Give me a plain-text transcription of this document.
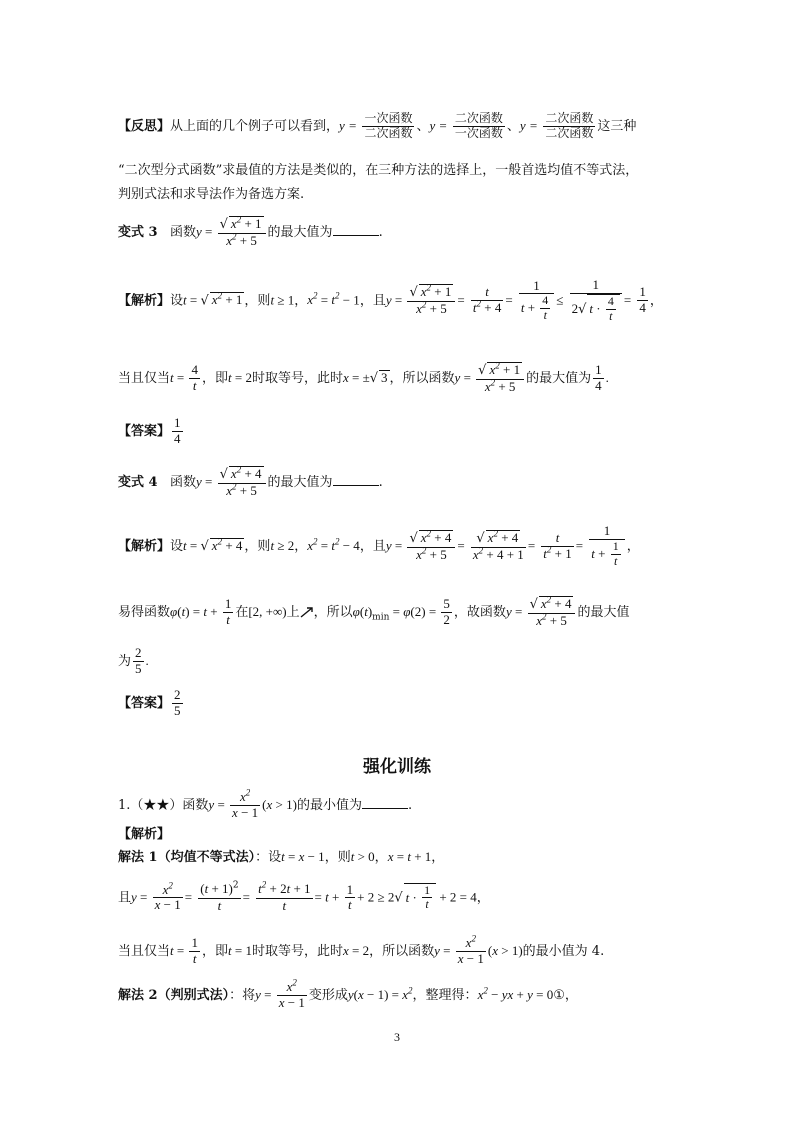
【反思】从上面的几个例子可以看到，$y = \frac{\text{一次函数}}{\text{二次函数}}$ 、$y = \frac{\text{二次函数}}{\text{一次函数}}$ 、$y = \frac{\text{二次函数}}{\text{二次函数}}$ 这三种
“二次型分式函数”求最值的方法是类似的，在三种方法的选择上，一般首选均值不等式法，
判别式法和求导法作为备选方案.
变式 3 函数$y = \frac{√ x^2 + 1}{x^2 + 5}$ 的最大值为	.
【解析】设t = √ $x^2 + 1$ ，则t ≥ 1，$x^2 = t^2 - 1$，且$y = \frac{√ x^2 + 1}{x^2 + 5} = \frac{t}{t^2 + 4} = \frac{1}{t + \frac{4}{t}} \le \frac{1}{2√ t \cdot \frac{4}{t}} = \frac{1}{4}$ ，
当且仅当$t = \frac{4}{t}$ ，即t = 2时取等号，此时x = ±√ 3 ，所以函数$y = \frac{√ x^2 + 1}{x^2 + 5}$ 的最大值为 $\frac{1}{4}$ .
【答案】 $\frac{1}{4}$
变式 4 函数$y = \frac{√ x^2 + 4}{x^2 + 5}$ 的最大值为	.
【解析】设t = √ $x^2 + 4$ ，则t ≥ 2，$x^2 = t^2 - 4$，且$y = \frac{√ x^2 + 4}{x^2 + 5} = \frac{√ x^2 + 4}{x^2 + 4 + 1} = \frac{t}{t^2 + 1} = \frac{1}{t + \frac{1}{t}}$ ，
易得函数$\varphi(t) = t + \frac{1}{t}$ 在[2, +∞)上 ，所以$\varphi(t)_{min} = \varphi(2) = \frac{5}{2}$ ，故函数$y = \frac{√ x^2 + 4}{x^2 + 5}$ 的最大值
为 $\frac{2}{5}$ .
【答案】 $\frac{2}{5}$
强化训练
1.（★★）函数$y = \frac{x^2}{x - 1} (x > 1)$的最小值为	.
【解析】
解法 1（均值不等式法）：设t = x − 1，则t > 0，x = t + 1，
且$y = \frac{x^2}{x - 1} = \frac{(t + 1)^2}{t} = \frac{t^2 + 2t + 1}{t} = t + \frac{1}{t} + 2 \ge 2√$ $t \cdot \frac{1}{t} + 2 = 4$，
当且仅当$t = \frac{1}{t}$ ，即t = 1时取等号，此时x = 2，所以函数$y = \frac{x^2}{x - 1} (x > 1)$的最小值为 4.
解法 2（判别式法）：将$y = \frac{x^2}{x - 1}$ 变形成$y(x - 1) = x^2$，整理得：$x^2$ − yx + y = 0①，
3
